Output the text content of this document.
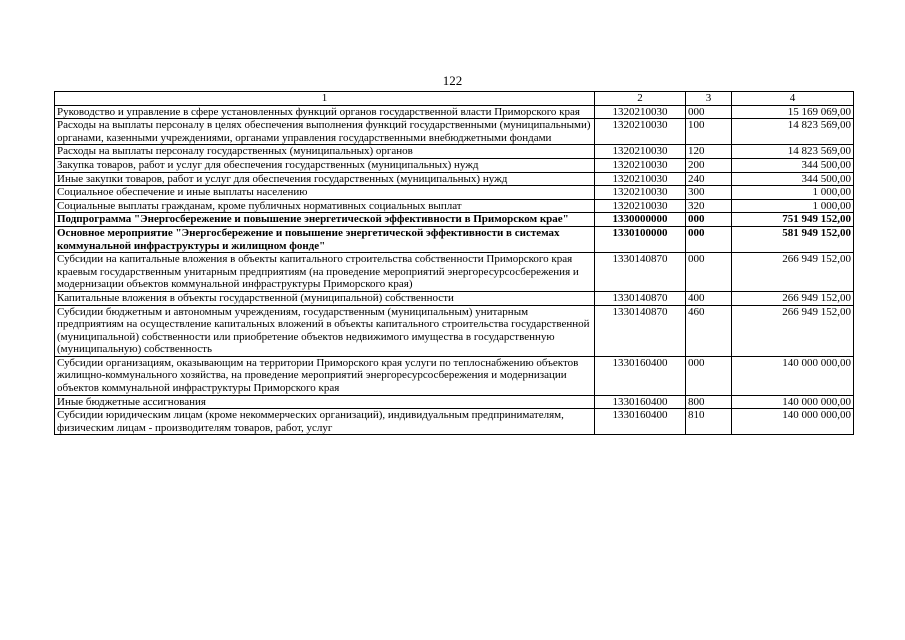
122
1	2	3	4
Руководство и управление в сфере установленных функций органов государственной власти Приморского края	1320210030	000	15 169 069,00
Расходы на выплаты персоналу в целях обеспечения выполнения функций государственными (муниципальными) органами, казенными учреждениями, органами управления государственными внебюджетными фондами	1320210030	100	14 823 569,00
Расходы на выплаты персоналу государственных (муниципальных) органов	1320210030	120	14 823 569,00
Закупка товаров, работ и услуг для обеспечения государственных (муниципальных) нужд	1320210030	200	344 500,00
Иные закупки товаров, работ и услуг для обеспечения государственных (муниципальных) нужд	1320210030	240	344 500,00
Социальное обеспечение и иные выплаты населению	1320210030	300	1 000,00
Социальные выплаты гражданам, кроме публичных нормативных социальных выплат	1320210030	320	1 000,00
Подпрограмма "Энергосбережение и повышение энергетической эффективности в Приморском крае"	1330000000	000	751 949 152,00
Основное мероприятие "Энергосбережение и повышение энергетической эффективности в системах коммунальной инфраструктуры и жилищном фонде"	1330100000	000	581 949 152,00
Субсидии на капитальные вложения в объекты капитального строительства собственности Приморского края краевым государственным унитарным предприятиям (на проведение мероприятий энергоресурсосбережения и модернизации объектов коммунальной инфраструктуры Приморского края)	1330140870	000	266 949 152,00
Капитальные вложения в объекты государственной (муниципальной) собственности	1330140870	400	266 949 152,00
Субсидии бюджетным и автономным учреждениям, государственным (муниципальным) унитарным предприятиям на осуществление капитальных вложений в объекты капитального строительства государственной (муниципальной) собственности или приобретение объектов недвижимого имущества в государственную (муниципальную) собственность	1330140870	460	266 949 152,00
Субсидии организациям, оказывающим на территории Приморского края услуги по теплоснабжению объектов жилищно-коммунального хозяйства, на проведение мероприятий энергоресурсосбережения и модернизации объектов коммунальной инфраструктуры Приморского края	1330160400	000	140 000 000,00
Иные бюджетные ассигнования	1330160400	800	140 000 000,00
Субсидии юридическим лицам (кроме некоммерческих организаций), индивидуальным предпринимателям, физическим лицам - производителям товаров, работ, услуг	1330160400	810	140 000 000,00
